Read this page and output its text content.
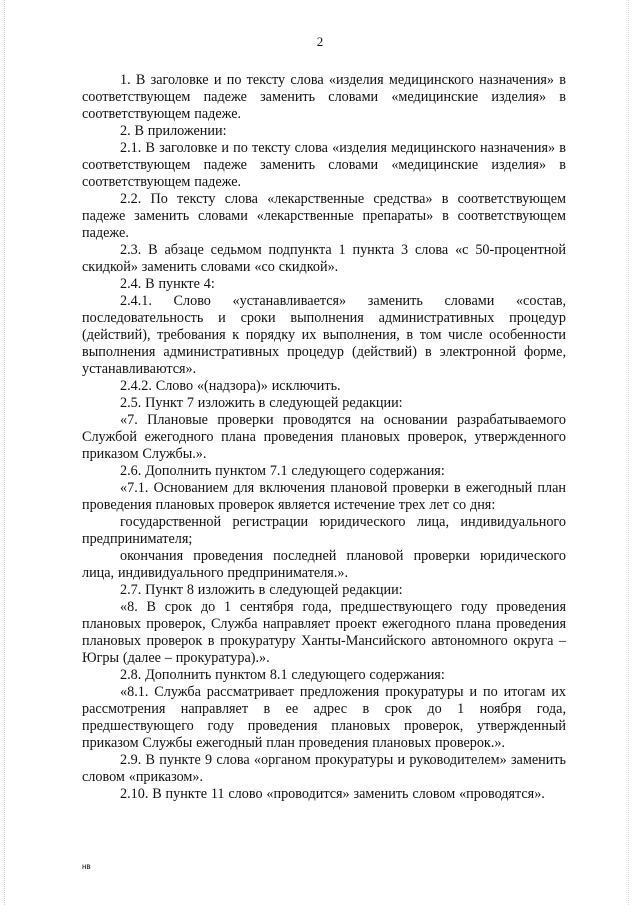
2

1. В заголовке и по тексту слова «изделия медицинского назначения» в соответствующем падеже заменить словами «медицинские изделия» в соответствующем падеже.

2. В приложении:

2.1. В заголовке и по тексту слова «изделия медицинского назначения» в соответствующем падеже заменить словами «медицинские изделия» в соответствующем падеже.

2.2. По тексту слова «лекарственные средства» в соответствующем падеже заменить словами «лекарственные препараты» в соответствующем падеже.

2.3. В абзаце седьмом подпункта 1 пункта 3 слова «с 50-процентной скидкой» заменить словами «со скидкой».

2.4. В пункте 4:

2.4.1. Слово «устанавливается» заменить словами «состав, последовательность и сроки выполнения административных процедур (действий), требования к порядку их выполнения, в том числе особенности выполнения административных процедур (действий) в электронной форме, устанавливаются».

2.4.2. Слово «(надзора)» исключить.

2.5. Пункт 7 изложить в следующей редакции:

«7. Плановые проверки проводятся на основании разрабатываемого Службой ежегодного плана проведения плановых проверок, утвержденного приказом Службы.».

2.6. Дополнить пунктом 7.1 следующего содержания:

«7.1. Основанием для включения плановой проверки в ежегодный план проведения плановых проверок является истечение трех лет со дня:

государственной регистрации юридического лица, индивидуального предпринимателя;

окончания проведения последней плановой проверки юридического лица, индивидуального предпринимателя.».

2.7. Пункт 8 изложить в следующей редакции:

«8. В срок до 1 сентября года, предшествующего году проведения плановых проверок, Служба направляет проект ежегодного плана проведения плановых проверок в прокуратуру Ханты-Мансийского автономного округа – Югры (далее – прокуратура).».

2.8. Дополнить пунктом 8.1 следующего содержания:

«8.1. Служба рассматривает предложения прокуратуры и по итогам их рассмотрения направляет в ее адрес в срок до 1 ноября года, предшествующего году проведения плановых проверок, утвержденный приказом Службы ежегодный план проведения плановых проверок.».

2.9. В пункте 9 слова «органом прокуратуры и руководителем» заменить словом «приказом».

2.10. В пункте 11 слово «проводится» заменить словом «проводятся».

нв
